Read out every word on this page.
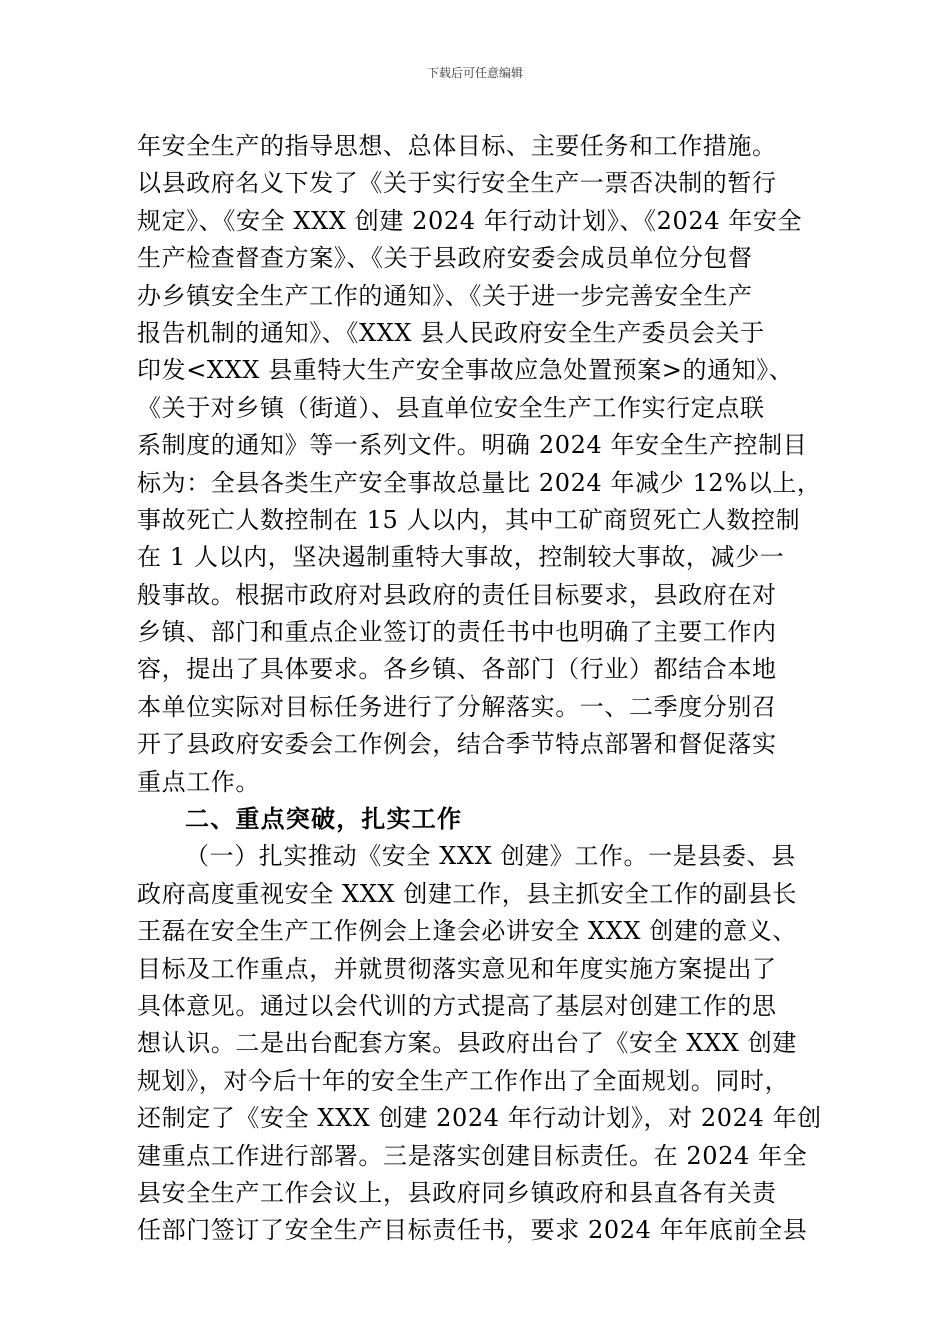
下载后可任意编辑
年安全生产的指导思想、总体目标、主要任务和工作措施。
以县政府名义下发了《关于实行安全生产一票否决制的暂行
规定》、《安全 XXX 创建 2024 年行动计划》、《2024 年安全
生产检查督查方案》、《关于县政府安委会成员单位分包督
办乡镇安全生产工作的通知》、《关于进一步完善安全生产
报告机制的通知》、《XXX 县人民政府安全生产委员会关于
印发<XXX 县重特大生产安全事故应急处置预案>的通知》、
《关于对乡镇（街道）、县直单位安全生产工作实行定点联
系制度的通知》等一系列文件。明确 2024 年安全生产控制目
标为：全县各类生产安全事故总量比 2024 年减少 12%以上，
事故死亡人数控制在 15 人以内，其中工矿商贸死亡人数控制
在 1 人以内，坚决遏制重特大事故，控制较大事故，减少一
般事故。根据市政府对县政府的责任目标要求，县政府在对
乡镇、部门和重点企业签订的责任书中也明确了主要工作内
容，提出了具体要求。各乡镇、各部门（行业）都结合本地
本单位实际对目标任务进行了分解落实。一、二季度分别召
开了县政府安委会工作例会，结合季节特点部署和督促落实
重点工作。
二、重点突破，扎实工作
（一）扎实推动《安全 XXX 创建》工作。一是县委、县
政府高度重视安全 XXX 创建工作，县主抓安全工作的副县长
王磊在安全生产工作例会上逢会必讲安全 XXX 创建的意义、
目标及工作重点，并就贯彻落实意见和年度实施方案提出了
具体意见。通过以会代训的方式提高了基层对创建工作的思
想认识。二是出台配套方案。县政府出台了《安全 XXX 创建
规划》，对今后十年的安全生产工作作出了全面规划。同时，
还制定了《安全 XXX 创建 2024 年行动计划》，对 2024 年创
建重点工作进行部署。三是落实创建目标责任。在 2024 年全
县安全生产工作会议上，县政府同乡镇政府和县直各有关责
任部门签订了安全生产目标责任书，要求 2024 年年底前全县
